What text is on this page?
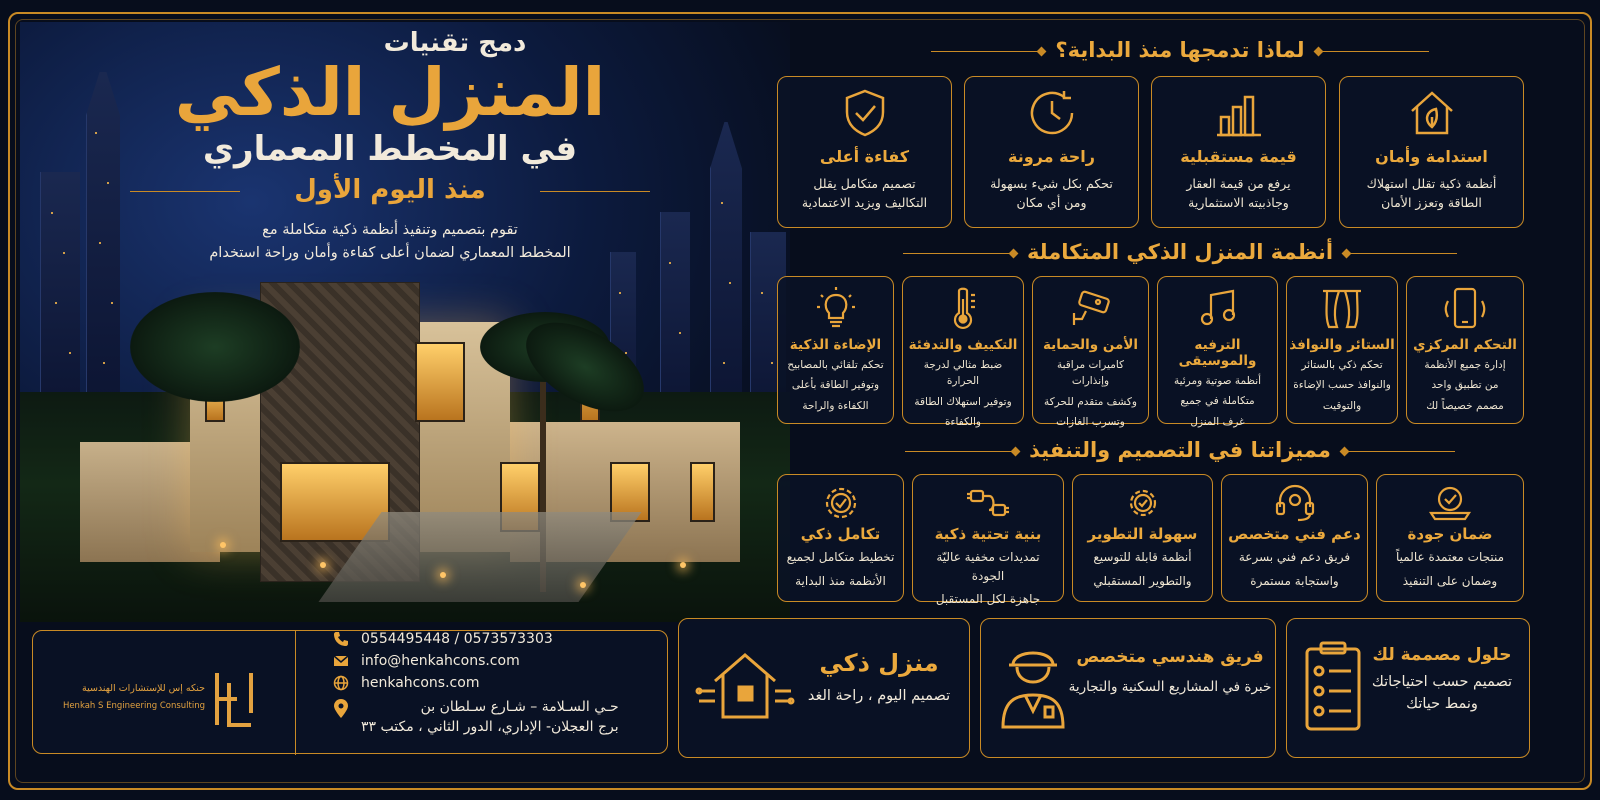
دمج تقنيات
المنزل الذكي
في المخطط المعماري
منذ اليوم الأول
تقوم بتصميم وتنفيذ أنظمة ذكية متكاملة مع
المخطط المعماري لضمان أعلى كفاءة وأمان وراحة استخدام
لماذا تدمجها منذ البداية؟
استدامة وأمان
أنظمة ذكية تقلل استهلاك
الطاقة وتعزز الأمان
قيمة مستقبلية
يرفع من قيمة العقار
وجاذبيته الاستثمارية
راحة مرونة
تحكم بكل شيء بسهولة
ومن أي مكان
كفاءة أعلى
تصميم متكامل يقلل
التكاليف ويزيد الاعتمادية
أنظمة المنزل الذكي المتكاملة
التحكم المركزي
إدارة جميع الأنظمة
من تطبيق واحد
مصمم خصيصاً لك
الستائر والنوافذ
تحكم ذكي بالستائر
والنوافذ حسب الإضاءة
والتوقيت
الترفيه والموسيقى
أنظمة صوتية ومرئية
متكاملة في جميع
غرف المنزل
الأمن والحماية
كاميرات مراقبة وإنذارات
وكشف متقدم للحركة
وتسرب الغازات
التكييف والتدفئة
ضبط مثالي لدرجة الحرارة
وتوفير استهلاك الطاقة
والكفاءة
الإضاءة الذكية
تحكم تلقائي بالمصابيح
وتوفير الطاقة بأعلى
الكفاءة والراحة
مميزاتنا في التصميم والتنفيذ
ضمان جودة
منتجات معتمدة عالمياً
وضمان على التنفيذ
دعم فني متخصص
فريق دعم فني بسرعة
واستجابة مستمرة
سهولة التطوير
أنظمة قابلة للتوسيع
والتطوير المستقبلي
بنية تحتية ذكية
تمديدات مخفية عاليّة الجودة
جاهزة لكل المستقبل
تكامل ذكي
تخطيط متكامل لجميع
الأنظمة منذ البداية
حنكه إس للإستشارات الهندسية
Henkah S Engineering Consulting
0554495448 / 0573573303
info@henkahcons.com
henkahcons.com
حـي السـلامة – شـارع سـلطان بن
برج العجلان- الإداري، الدور الثاني ، مكتب ٣٣
منزل ذكي
تصميم اليوم ، راحة الغد
فريق هندسي متخصص
خبرة في المشاريع السكنية والتجارية
حلول مصممة لك
تصميم حسب احتياجاتك
ونمط حياتك
